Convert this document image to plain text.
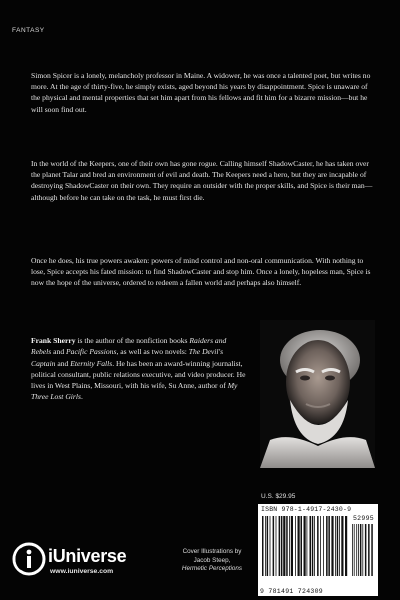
FANTASY

Simon Spicer is a lonely, melancholy professor in Maine. A widower, he was once a talented poet, but writes no more. At the age of thirty-five, he simply exists, aged beyond his years by disappointment. Spice is unaware of the physical and mental properties that set him apart from his fellows and fit him for a bizarre mission—but he will soon find out.

In the world of the Keepers, one of their own has gone rogue. Calling himself ShadowCaster, he has taken over the planet Talar and bred an environment of evil and death. The Keepers need a hero, but they are incapable of destroying ShadowCaster on their own. They require an outsider with the proper skills, and Spice is their man—although before he can take on the task, he must first die.

Once he does, his true powers awaken: powers of mind control and non-oral communication. With nothing to lose, Spice accepts his fated mission: to find ShadowCaster and stop him. Once a lonely, hopeless man, Spice is now the hope of the universe, ordered to redeem a fallen world and perhaps also himself.

Frank Sherry is the author of the nonfiction books Raiders and Rebels and Pacific Passions, as well as two novels: The Devil's Captain and Eternity Falls. He has been an award-winning journalist, political consultant, public relations executive, and video producer. He lives in West Plains, Missouri, with his wife, Su Anne, author of My Three Lost Girls.

U.S. $29.95
ISBN 978-1-4917-2430-9
52995
9 781491 724309
iUniverse
www.iuniverse.com
Cover Illustrations by
Jacob Steep,
Hermetic Perceptions
